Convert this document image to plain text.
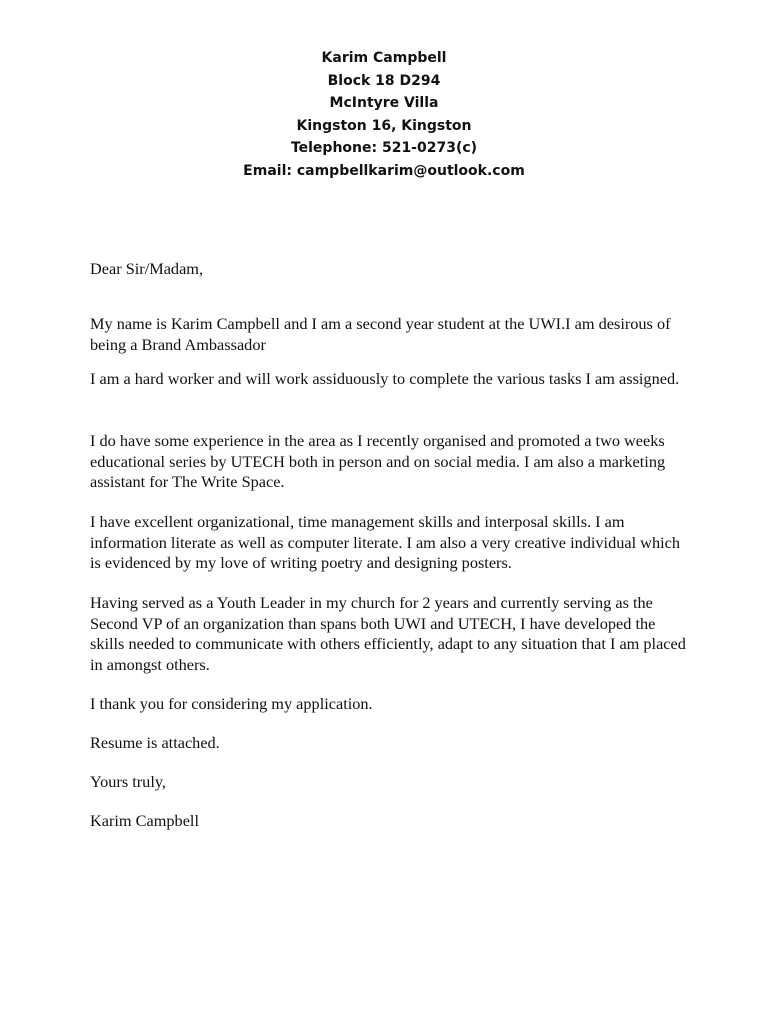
Karim Campbell
Block 18 D294
McIntyre Villa
Kingston 16, Kingston
Telephone: 521-0273(c)
Email: campbellkarim@outlook.com

Dear Sir/Madam,

My name is Karim Campbell and I am a second year student at the UWI.I am desirous of being a Brand Ambassador

I am a hard worker and will work assiduously to complete the various tasks I am assigned.

I do have some experience in the area as I recently organised and promoted a two weeks educational series by UTECH both in person and on social media. I am also a marketing assistant for The Write Space.

I have excellent organizational, time management skills and interposal skills. I am information literate as well as computer literate. I am also a very creative individual which is evidenced by my love of writing poetry and designing posters.

Having served as a Youth Leader in my church for 2 years and currently serving as the Second VP of an organization than spans both UWI and UTECH, I have developed the skills needed to communicate with others efficiently, adapt to any situation that I am placed in amongst others.

I thank you for considering my application.

Resume is attached.

Yours truly,

Karim Campbell
